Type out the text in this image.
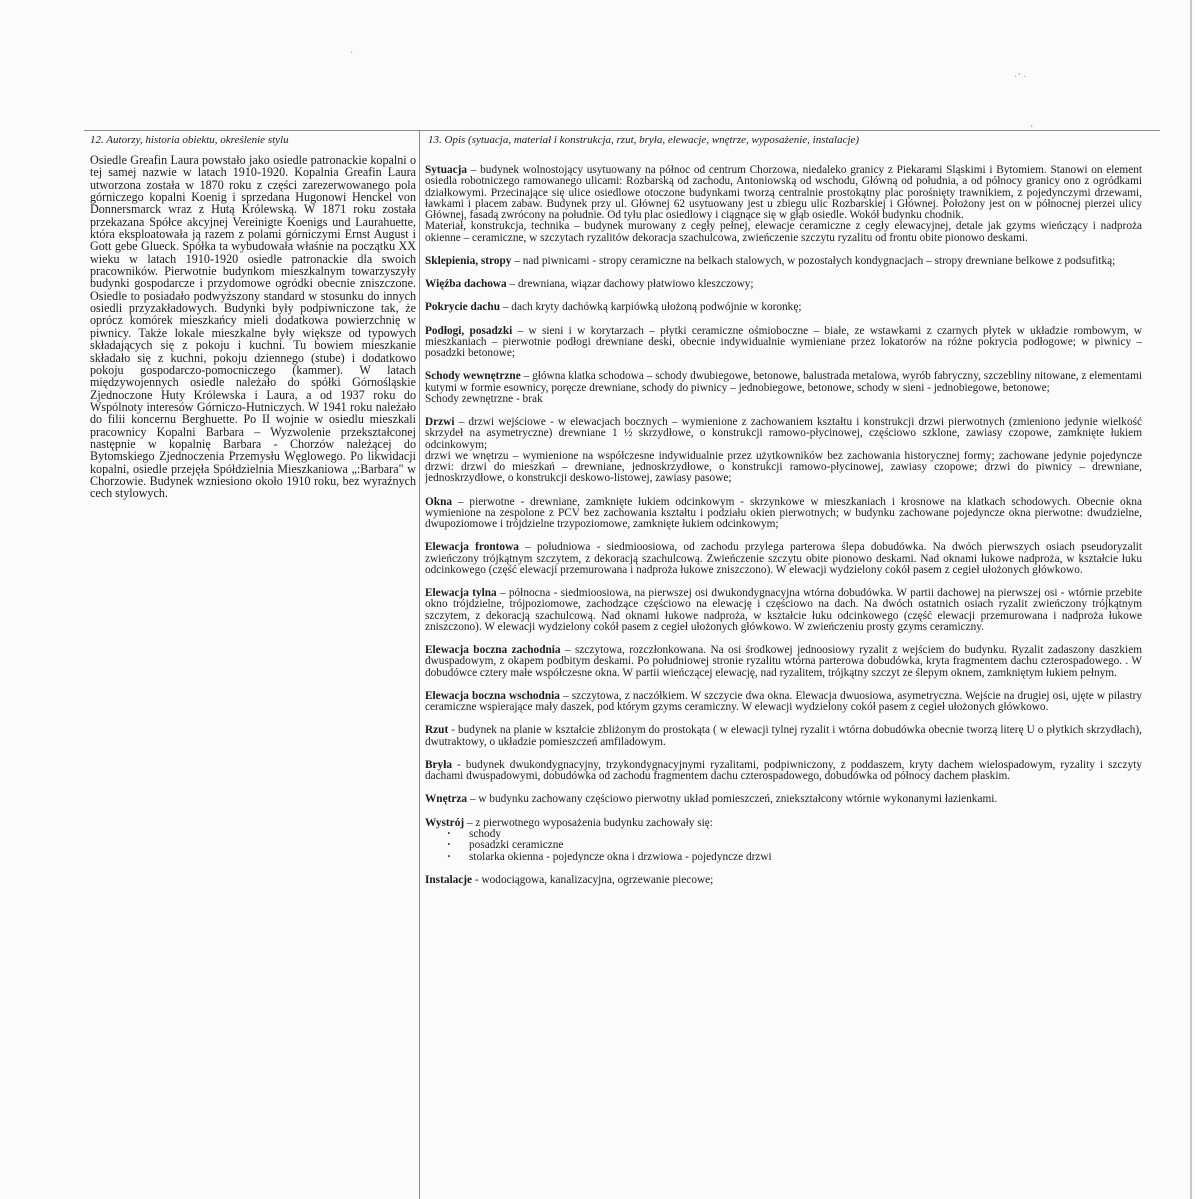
·
·ʼ ·
‚
12. Autorzy, historia obiektu, określenie stylu	13. Opis (sytuacja, materiał i konstrukcja, rzut, bryła, elewacje, wnętrze, wyposażenie, instalacje)
Osiedle Greafin Laura powstało jako osiedle patronackie kopalni o tej samej nazwie w latach 1910-1920. Kopalnia Greafin Laura utworzona została w 1870 roku z części zarezerwowanego pola górniczego kopalni Koenig i sprzedana Hugonowi Henckel von Donnersmarck wraz z Hutą Królewską. W 1871 roku została przekazana Spółce akcyjnej Vereinigte Koenigs und Laurahuette, która eksploatowała ją razem z polami górniczymi Ernst August i Gott gebe Glueck. Spółka ta wybudowała właśnie na początku XX wieku w latach 1910-1920 osiedle patronackie dla swoich pracowników. Pierwotnie budynkom mieszkalnym towarzyszyły budynki gospodarcze i przydomowe ogródki obecnie zniszczone. Osiedle to posiadało podwyższony standard w stosunku do innych osiedli przyzakładowych. Budynki były podpiwniczone tak, że oprócz komórek mieszkańcy mieli dodatkowa powierzchnię w piwnicy. Także lokale mieszkalne były większe od typowych składających się z pokoju i kuchni. Tu bowiem mieszkanie składało się z kuchni, pokoju dziennego (stube) i dodatkowo pokoju gospodarczo-pomocniczego (kammer). W latach międzywojennych osiedle należało do spółki Górnośląskie Zjednoczone Huty Królewska i Laura, a od 1937 roku do Wspólnoty interesów Górniczo-Hutniczych. W 1941 roku należało do filii koncernu Berghuette. Po II wojnie w osiedlu mieszkali pracownicy Kopalni Barbara – Wyzwolenie przekształconej następnie w kopalnię Barbara - Chorzów należącej do Bytomskiego Zjednoczenia Przemysłu Węglowego. Po likwidacji kopalni, osiedle przejęła Spółdzielnia Mieszkaniowa „:Barbara" w Chorzowie. Budynek wzniesiono około 1910 roku, bez wyraźnych cech stylowych.

Sytuacja – budynek wolnostojący usytuowany na północ od centrum Chorzowa, niedaleko granicy z Piekarami Śląskimi i Bytomiem. Stanowi on element osiedla robotniczego ramowanego ulicami: Rozbarską od zachodu, Antoniowską od wschodu, Główną od południa, a od północy granicy ono z ogródkami działkowymi. Przecinające się ulice osiedlowe otoczone budynkami tworzą centralnie prostokątny plac porośnięty trawnikiem, z pojedynczymi drzewami, ławkami i placem zabaw. Budynek przy ul. Głównej 62 usytuowany jest u zbiegu ulic Rozbarskiej i Głównej. Położony jest on w północnej pierzei ulicy Głównej, fasadą zwrócony na południe. Od tyłu plac osiedlowy i ciągnące się w głąb osiedle. Wokół budynku chodnik.

Materiał, konstrukcja, technika – budynek murowany z cegły pełnej, elewacje ceramiczne z cegły elewacyjnej, detale jak gzyms wieńczący i nadproża okienne – ceramiczne, w szczytach ryzalitów dekoracja szachulcowa, zwieńczenie szczytu ryzalitu od frontu obite pionowo deskami.

Sklepienia, stropy – nad piwnicami - stropy ceramiczne na belkach stalowych, w pozostałych kondygnacjach – stropy drewniane belkowe z podsufitką;

Więźba dachowa – drewniana, wiązar dachowy płatwiowo kleszczowy;

Pokrycie dachu – dach kryty dachówką karpiówką ułożoną podwójnie w koronkę;

Podłogi, posadzki – w sieni i w korytarzach – płytki ceramiczne ośmioboczne – białe, ze wstawkami z czarnych płytek w układzie rombowym, w mieszkaniach – pierwotnie podłogi drewniane deski, obecnie indywidualnie wymieniane przez lokatorów na różne pokrycia podłogowe; w piwnicy – posadzki betonowe;

Schody wewnętrzne – główna klatka schodowa – schody dwubiegowe, betonowe, balustrada metalowa, wyrób fabryczny, szczebliny nitowane, z elementami kutymi w formie esownicy, poręcze drewniane, schody do piwnicy – jednobiegowe, betonowe, schody w sieni - jednobiegowe, betonowe;

Schody zewnętrzne - brak

Drzwi – drzwi wejściowe - w elewacjach bocznych – wymienione z zachowaniem kształtu i konstrukcji drzwi pierwotnych (zmieniono jedynie wielkość skrzydeł na asymetryczne) drewniane 1 ½ skrzydłowe, o konstrukcji ramowo-płycinowej, częściowo szklone, zawiasy czopowe, zamknięte łukiem odcinkowym;

drzwi we wnętrzu – wymienione na współczesne indywidualnie przez użytkowników bez zachowania historycznej formy; zachowane jedynie pojedyncze drzwi: drzwi do mieszkań – drewniane, jednoskrzydłowe, o konstrukcji ramowo-płycinowej, zawiasy czopowe; drzwi do piwnicy – drewniane, jednoskrzydłowe, o konstrukcji deskowo-listowej, zawiasy pasowe;

Okna – pierwotne - drewniane, zamknięte łukiem odcinkowym - skrzynkowe w mieszkaniach i krosnowe na klatkach schodowych. Obecnie okna wymienione na zespolone z PCV bez zachowania kształtu i podziału okien pierwotnych; w budynku zachowane pojedyncze okna pierwotne: dwudzielne, dwupoziomowe i trójdzielne trzypoziomowe, zamknięte łukiem odcinkowym;

Elewacja frontowa – południowa - siedmioosiowa, od zachodu przylega parterowa ślepa dobudówka. Na dwóch pierwszych osiach pseudoryzalit zwieńczony trójkątnym szczytem, z dekoracją szachulcową. Zwieńczenie szczytu obite pionowo deskami. Nad oknami łukowe nadproża, w kształcie łuku odcinkowego (część elewacji przemurowana i nadproża łukowe zniszczono). W elewacji wydzielony cokół pasem z cegieł ułożonych główkowo.

Elewacja tylna – północna - siedmioosiowa, na pierwszej osi dwukondygnacyjna wtórna dobudówka. W partii dachowej na pierwszej osi - wtórnie przebite okno trójdzielne, trójpoziomowe, zachodzące częściowo na elewację i częściowo na dach. Na dwóch ostatnich osiach ryzalit zwieńczony trójkątnym szczytem, z dekoracją szachulcową. Nad oknami łukowe nadproża, w kształcie łuku odcinkowego (część elewacji przemurowana i nadproża łukowe zniszczono). W elewacji wydzielony cokół pasem z cegieł ułożonych główkowo. W zwieńczeniu prosty gzyms ceramiczny.

Elewacja boczna zachodnia – szczytowa, rozczłonkowana. Na osi środkowej jednoosiowy ryzalit z wejściem do budynku. Ryzalit zadaszony daszkiem dwuspadowym, z okapem podbitym deskami. Po południowej stronie ryzalitu wtórna parterowa dobudówka, kryta fragmentem dachu czterospadowego. . W dobudówce cztery małe współczesne okna. W partii wieńczącej elewację, nad ryzalitem, trójkątny szczyt ze ślepym oknem, zamkniętym łukiem pełnym.

Elewacja boczna wschodnia – szczytowa, z naczółkiem. W szczycie dwa okna. Elewacja dwuosiowa, asymetryczna. Wejście na drugiej osi, ujęte w pilastry ceramiczne wspierające mały daszek, pod którym gzyms ceramiczny. W elewacji wydzielony cokół pasem z cegieł ułożonych główkowo.

Rzut - budynek na planie w kształcie zbliżonym do prostokąta ( w elewacji tylnej ryzalit i wtórna dobudówka obecnie tworzą literę U o płytkich skrzydłach), dwutraktowy, o układzie pomieszczeń amfiladowym.

Bryła - budynek dwukondygnacyjny, trzykondygnacyjnymi ryzalitami, podpiwniczony, z poddaszem, kryty dachem wielospadowym, ryzality i szczyty dachami dwuspadowymi, dobudówka od zachodu fragmentem dachu czterospadowego, dobudówka od północy dachem płaskim.

Wnętrza – w budynku zachowany częściowo pierwotny układ pomieszczeń, zniekształcony wtórnie wykonanymi łazienkami.

Wystrój – z pierwotnego wyposażenia budynku zachowały się:

· schody
· posadzki ceramiczne
· stolarka okienna - pojedyncze okna i drzwiowa - pojedyncze drzwi

Instalacje - wodociągowa, kanalizacyjna, ogrzewanie piecowe;
